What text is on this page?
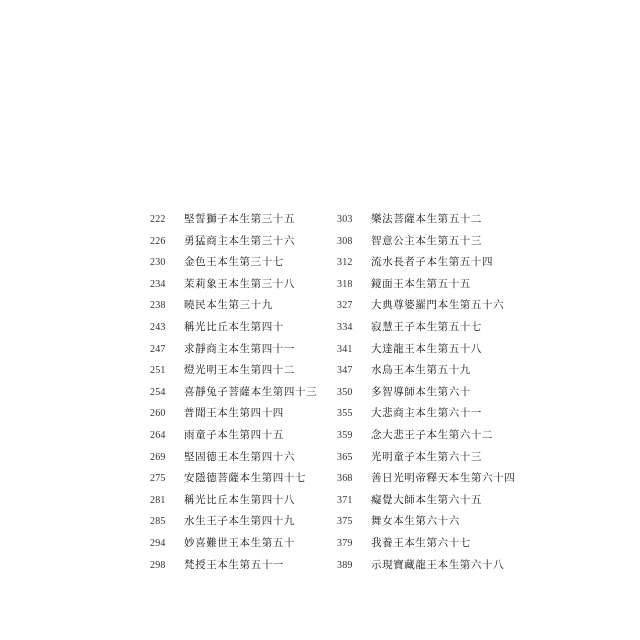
222	堅誓獅子本生第三十五
226	勇猛商主本生第三十六
230	金色王本生第三十七
234	茉莉象王本生第三十八
238	曉民本生第三十九
243	稱光比丘本生第四十
247	求靜商主本生第四十一
251	燈光明王本生第四十二
254	喜靜兔子菩薩本生第四十三
260	普聞王本生第四十四
264	雨童子本生第四十五
269	堅固德王本生第四十六
275	安隱德菩薩本生第四十七
281	稱光比丘本生第四十八
285	水生王子本生第四十九
294	妙喜難世王本生第五十
298	梵授王本生第五十一
303	樂法菩薩本生第五十二
308	智意公主本生第五十三
312	流水長者子本生第五十四
318	鏡面王本生第五十五
327	大典尊婆羅門本生第五十六
334	寂慧王子本生第五十七
341	大達龍王本生第五十八
347	水鳥王本生第五十九
350	多智導師本生第六十
355	大悲商主本生第六十一
359	念大悲王子本生第六十二
365	光明童子本生第六十三
368	善日光明帝釋天本生第六十四
371	癡覺大師本生第六十五
375	舞女本生第六十六
379	我養王本生第六十七
389	示現寶藏龍王本生第六十八
